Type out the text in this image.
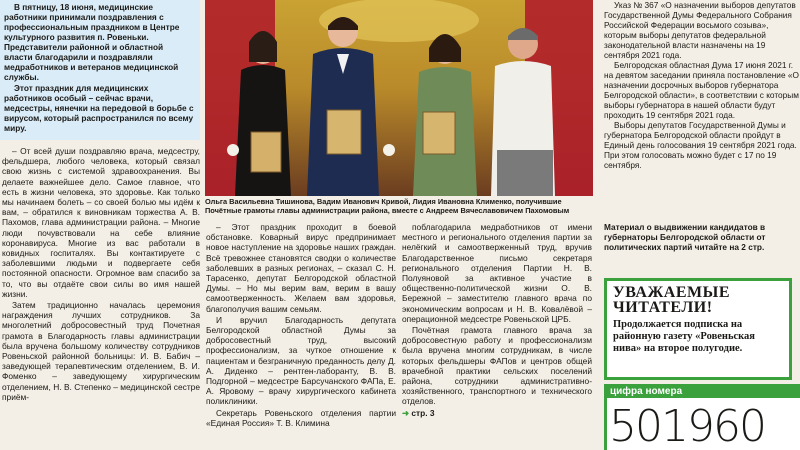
В пятницу, 18 июня, медицинские работники принимали поздравления с профессиональным праздником в Центре культурного развития п. Ровеньки. Представители районной и областной власти благодарили и поздравляли медработников и ветеранов медицинской службы.

Этот праздник для медицинских работников особый – сейчас врачи, медсестры, нянечки на передовой в борьбе с вирусом, который распространился по всему миру.

– От всей души поздравляю врача, медсестру, фельдшера, любого человека, который связал свою жизнь с системой здравоохранения. Вы делаете важнейшее дело. Самое главное, что есть в жизни человека, это здоровье. Как только мы начинаем болеть – со своей болью мы идём к вам, – обратился к виновникам торжества А. В. Пахомов, глава администрации района. – Многие люди почувствовали на себе влияние коронавируса. Многие из вас работали в ковидных госпиталях. Вы контактируете с заболевшими людьми и подвергаете себя постоянной опасности. Огромное вам спасибо за то, что вы отдаёте свои силы во имя нашей жизни.

Затем традиционно началась церемония награждения лучших сотрудников. За многолетний добросовестный труд Почетная грамота в Благодарность главы администрации была вручена большому количеству сотрудников Ровеньской районной больницы: И. В. Бабич – заведующей терапевтическим отделением, В. И. Фоменко – заведующему хирургическим отделением, Н. В. Степенко – медицинской сестре приём-

Ольга Васильевна Тишинова, Вадим Иванович Кривой, Лидия Ивановна Клименко, получившие Почётные грамоты главы администрации района, вместе с Андреем Вячеславовичем Пахомовым

– Этот праздник проходит в боевой обстановке. Коварный вирус предпринимает новое наступление на здоровье наших граждан. Всё тревожнее становятся сводки о количестве заболевших в разных регионах, – сказал С. Н. Тарасенко, депутат Белгородской областной Думы. – Но мы верим вам, верим в вашу самоотверженность. Желаем вам здоровья, благополучия вашим семьям.

И вручил Благодарность депутата Белгородской областной Думы за добросовестный труд, высокий профессионализм, за чуткое отношение к пациентам и безграничную преданность делу Д. А. Диденко – рентген-лаборанту, В. В. Подгорной – медсестре Барсучанского ФАПа, Е. А. Яровому – врачу хирургического кабинета поликлиники.

Секретарь Ровеньского отделения партии «Единая Россия» Т. В. Климина

поблагодарила медработников от имени местного и регионального отделения партии за нелёгкий и самоотверженный труд, вручив Благодарственное письмо секретаря регионального отделения Партии Н. В. Полуяновой за активное участие в общественно-политической жизни О. В. Бережной – заместителю главного врача по экономическим вопросам и Н. В. Ковалёвой – операционной медсестре Ровеньской ЦРБ.

Почётная грамота главного врача за добросовестную работу и профессионализм была вручена многим сотрудникам, в числе которых фельдшеры ФАПов и центров общей врачебной практики сельских поселений района, сотрудники административно-хозяйственного, транспортного и технического отделов.

➜ стр. 3

Указ № 367 «О назначении выборов депутатов Государственной Думы Федерального Собрания Российской Федерации восьмого созыва», которым выборы депутатов федеральной законодательной власти назначены на 19 сентября 2021 года.

Белгородская областная Дума 17 июня 2021 г. на девятом заседании приняла постановление «О назначении досрочных выборов губернатора Белгородской области», в соответствии с которым выборы губернатора в нашей области будут проходить 19 сентября 2021 года.

Выборы депутатов Государственной Думы и губернатора Белгородской области пройдут в Единый день голосования 19 сентября 2021 года. При этом голосовать можно будет с 17 по 19 сентября.

Материал о выдвижении кандидатов в губернаторы Белгородской области от политических партий читайте на 2 стр.
УВАЖАЕМЫЕ ЧИТАТЕЛИ!
Продолжается подписка на районную газету «Ровеньская нива» на второе полугодие.
цифра номера
501960
